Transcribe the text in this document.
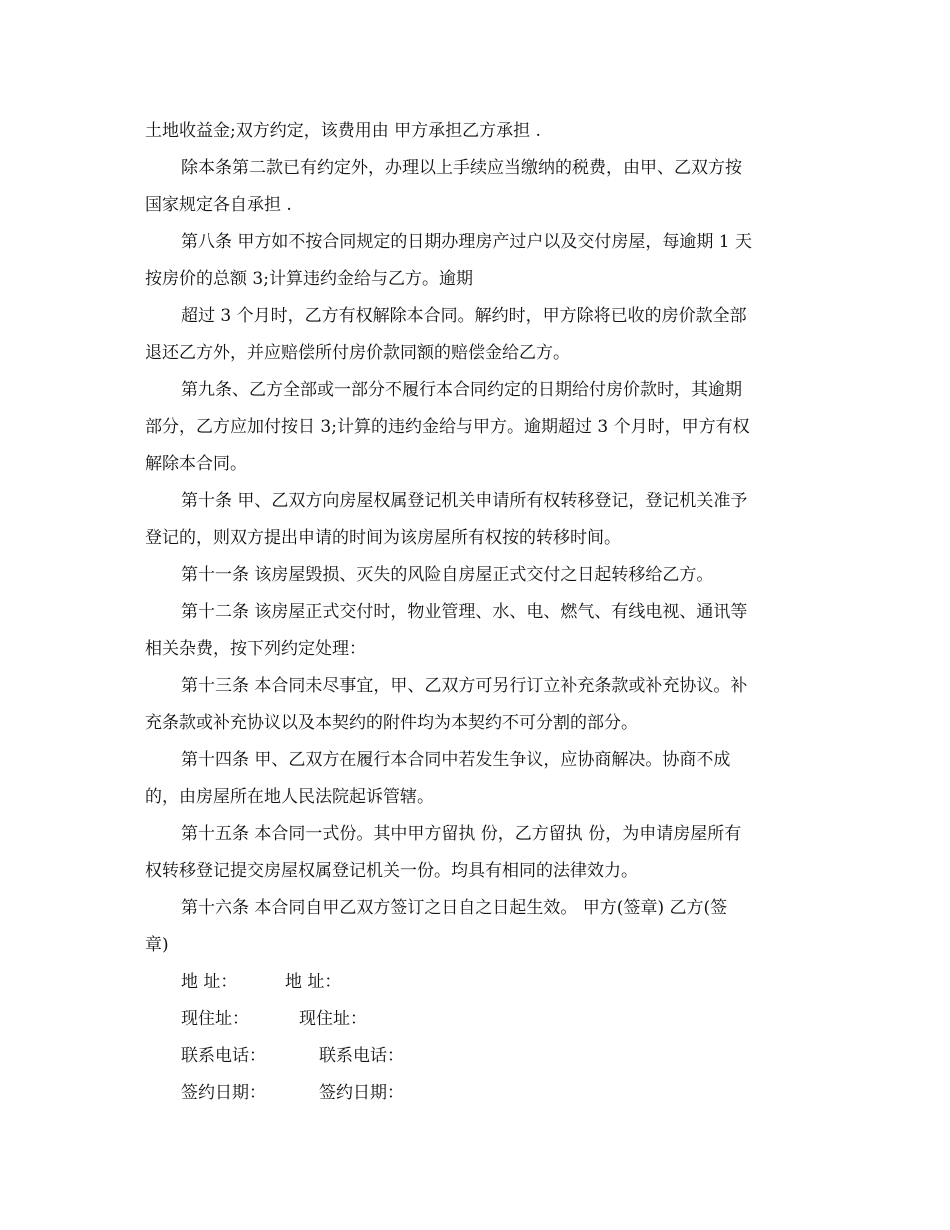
土地收益金;双方约定，该费用由 甲方承担乙方承担 .
除本条第二款已有约定外，办理以上手续应当缴纳的税费，由甲、乙双方按
国家规定各自承担 .
第八条 甲方如不按合同规定的日期办理房产过户以及交付房屋，每逾期 1 天
按房价的总额 3;计算违约金给与乙方。逾期
超过 3 个月时，乙方有权解除本合同。解约时，甲方除将已收的房价款全部
退还乙方外，并应赔偿所付房价款同额的赔偿金给乙方。
第九条、乙方全部或一部分不履行本合同约定的日期给付房价款时，其逾期
部分，乙方应加付按日 3;计算的违约金给与甲方。逾期超过 3 个月时，甲方有权
解除本合同。
第十条 甲、乙双方向房屋权属登记机关申请所有权转移登记，登记机关准予
登记的，则双方提出申请的时间为该房屋所有权按的转移时间。
第十一条 该房屋毁损、灭失的风险自房屋正式交付之日起转移给乙方。
第十二条 该房屋正式交付时，物业管理、水、电、燃气、有线电视、通讯等
相关杂费，按下列约定处理：
第十三条 本合同未尽事宜，甲、乙双方可另行订立补充条款或补充协议。补
充条款或补充协议以及本契约的附件均为本契约不可分割的部分。
第十四条 甲、乙双方在履行本合同中若发生争议，应协商解决。协商不成
的，由房屋所在地人民法院起诉管辖。
第十五条 本合同一式份。其中甲方留执 份，乙方留执 份，为申请房屋所有
权转移登记提交房屋权属登记机关一份。均具有相同的法律效力。
第十六条 本合同自甲乙双方签订之日自之日起生效。 甲方(签章) 乙方(签
章)
地 址：	地 址：
现住址：	现住址：
联系电话：	联系电话：
签约日期：	签约日期：
